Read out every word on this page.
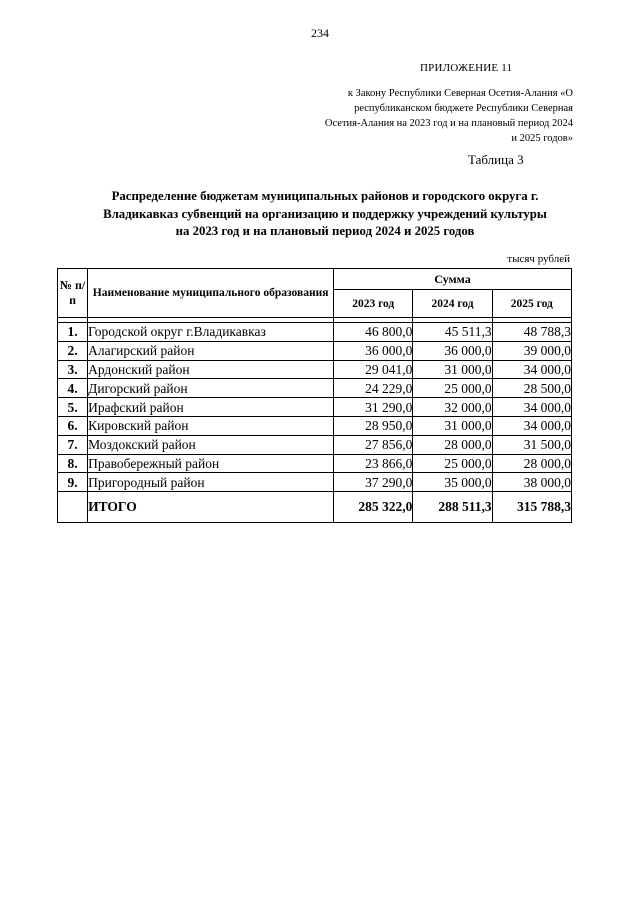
234
ПРИЛОЖЕНИЕ 11
к Закону Республики Северная Осетия-Алания «О республиканском бюджете Республики Северная Осетия-Алания на 2023 год и на плановый период 2024 и 2025 годов»
Таблица 3
Распределение бюджетам муниципальных районов и городского округа г.
Владикавказ субвенций на организацию и поддержку учреждений культуры
на 2023 год и на плановый период 2024 и 2025 годов
тысяч рублей
№ п/п	Наименование муниципального образования	Сумма		
		2023 год	2024 год	2025 год

1.	Городской округ г.Владикавказ	46 800,0	45 511,3	48 788,3
2.	Алагирский район	36 000,0	36 000,0	39 000,0
3.	Ардонский район	29 041,0	31 000,0	34 000,0
4.	Дигорский район	24 229,0	25 000,0	28 500,0
5.	Ирафский район	31 290,0	32 000,0	34 000,0
6.	Кировский район	28 950,0	31 000,0	34 000,0
7.	Моздокский район	27 856,0	28 000,0	31 500,0
8.	Правобережный район	23 866,0	25 000,0	28 000,0
9.	Пригородный район	37 290,0	35 000,0	38 000,0
	ИТОГО	285 322,0	288 511,3	315 788,3
